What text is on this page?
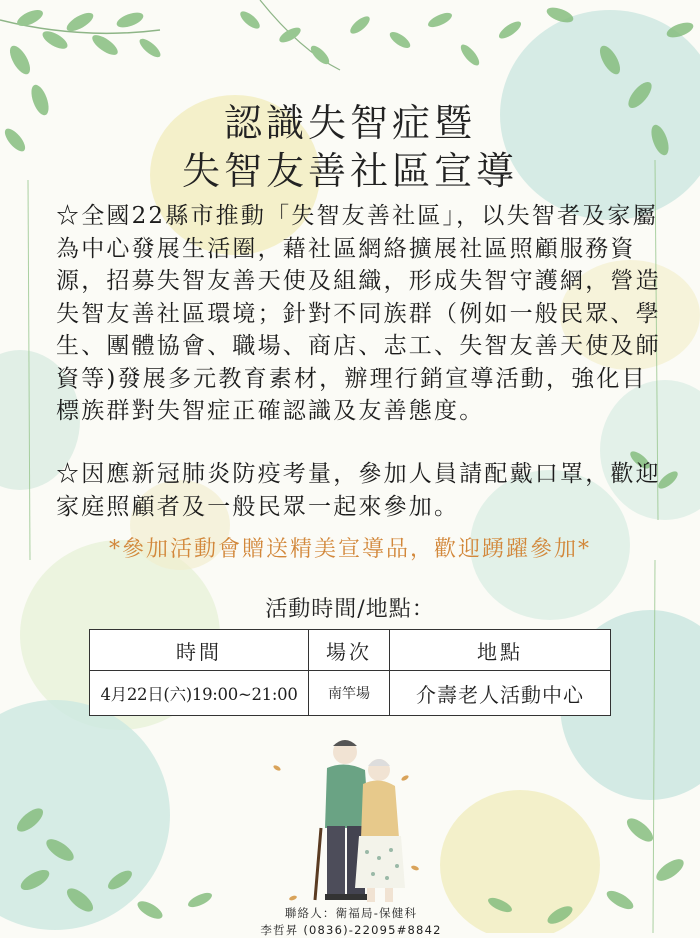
認識失智症暨
失智友善社區宣導

☆全國22縣市推動「失智友善社區」，以失智者及家屬為中心發展生活圈，藉社區網絡擴展社區照顧服務資源，招募失智友善天使及組織，形成失智守護網，營造失智友善社區環境；針對不同族群（例如一般民眾、學生、團體協會、職場、商店、志工、失智友善天使及師資等)發展多元教育素材，辦理行銷宣導活動，強化目標族群對失智症正確認識及友善態度。

☆因應新冠肺炎防疫考量，參加人員請配戴口罩，歡迎家庭照顧者及一般民眾一起來參加。

*參加活動會贈送精美宣導品，歡迎踴躍參加*
活動時間/地點：
時間	場次	地點
4月22日(六)19:00~21:00	南竿場	介壽老人活動中心
聯絡人：衛福局-保健科
李哲昇 (0836)-22095#8842
